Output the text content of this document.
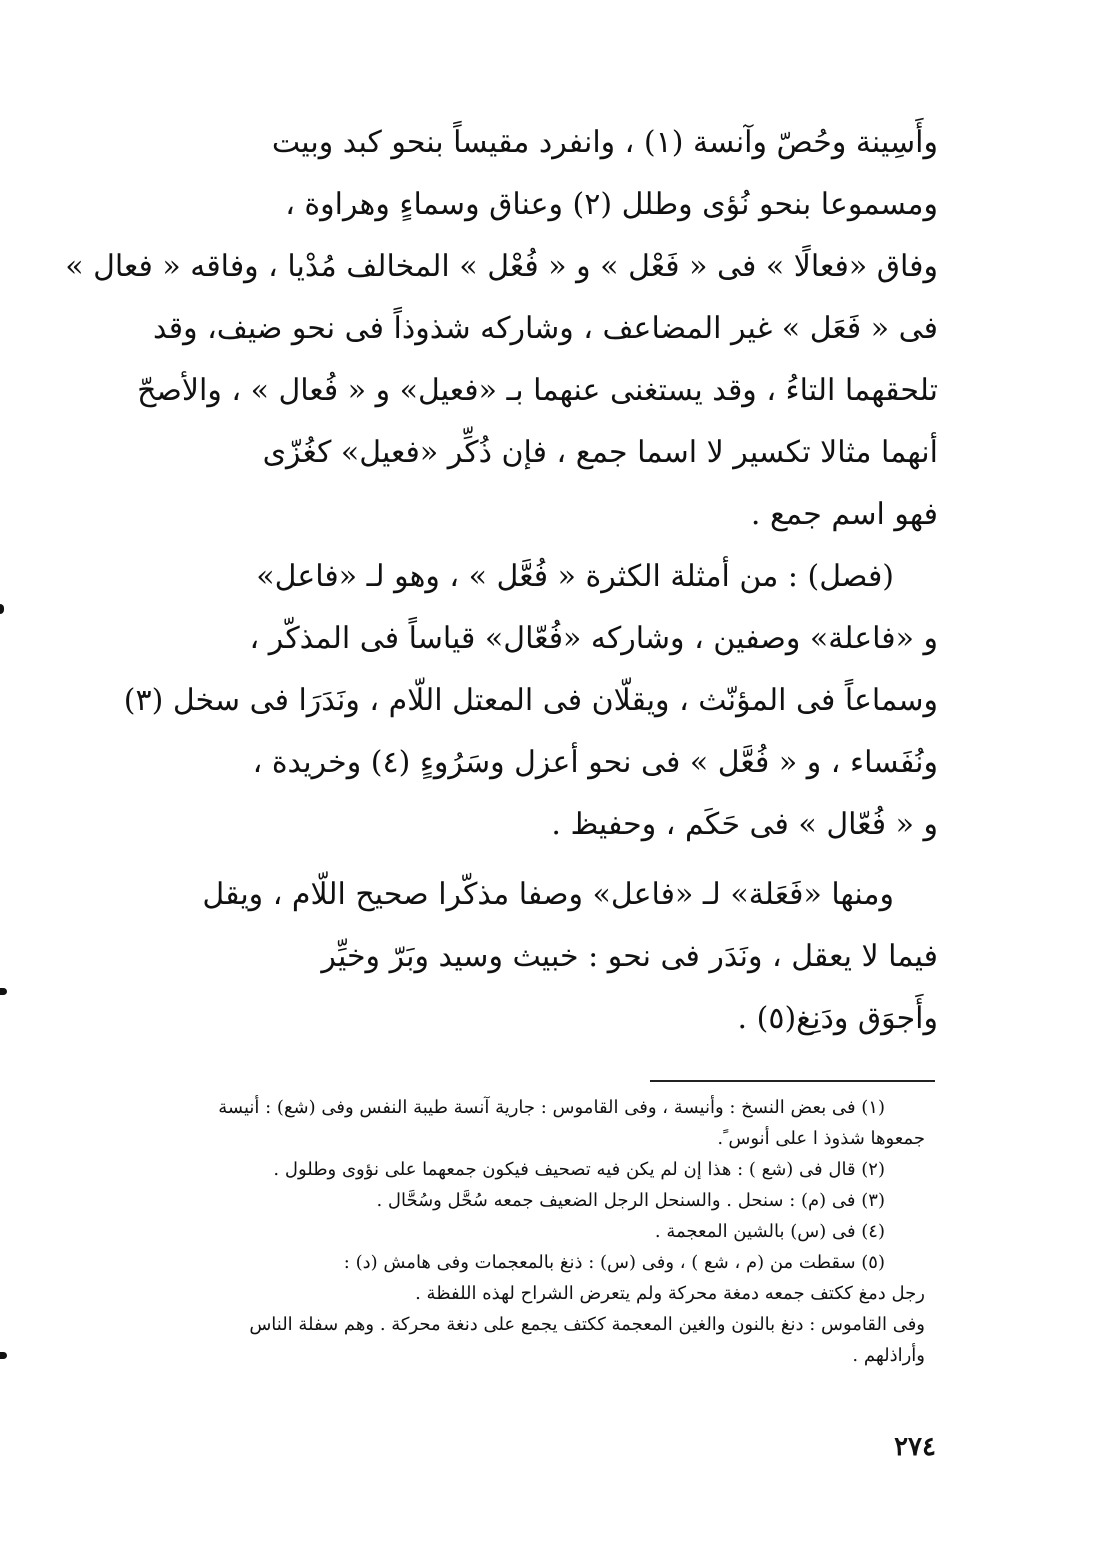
وأَسِينة وحُصّ وآنسة (١) ، وانفرد مقيساً بنحو كبد وبيت
ومسموعا بنحو نُؤى وطلل (٢) وعناق وسماءٍ وهراوة ،
وفاق «فعالًا » فى « فَعْل » و « فُعْل » المخالف مُدْيا ، وفاقه « فعال »
فى « فَعَل » غير المضاعف ، وشاركه شذوذاً فى نحو ضيف، وقد
تلحقهما التاءُ ، وقد يستغنى عنهما بـ «فعيل» و « فُعال » ، والأصحّ
أنهما مثالا تكسير لا اسما جمع ، فإن ذُكِّر «فعيل» كغُزّى
فهو اسم جمع .
(فصل) : من أمثلة الكثرة « فُعَّل » ، وهو لـ «فاعل»
و «فاعلة» وصفين ، وشاركه «فُعّال» قياساً فى المذكّر ،
وسماعاً فى المؤنّث ، ويقلّان فى المعتل اللّام ، ونَدَرَا فى سخل (٣)
ونُفَساء ، و « فُعَّل » فى نحو أعزل وسَرُوءٍ (٤) وخريدة ،
و « فُعّال » فى حَكَم ، وحفيظ .
ومنها «فَعَلة» لـ «فاعل» وصفا مذكّرا صحيح اللّام ، ويقل
فيما لا يعقل ، ونَدَر فى نحو : خبيث وسيد وبَرّ وخيِّر
وأَجوَق ودَنِغ(٥) .
(١) فى بعض النسخ : وأنيسة ، وفى القاموس : جارية آنسة طيبة النفس وفى (شع) : أنيسة
جمعوها شذوذ ا على أنوس ً.
(٢) قال فى (شع ) : هذا إن لم يكن فيه تصحيف فيكون جمعهما على نؤوى وطلول .
(٣) فى (م) : سنحل . والسنحل الرجل الضعيف جمعه سُحَّل وسُحَّال .
(٤) فى (س) بالشين المعجمة .
(٥) سقطت من (م ، شع ) ، وفى (س) : ذنغ بالمعجمات وفى هامش (د) :
رجل دمغ ككتف جمعه دمغة محركة ولم يتعرض الشراح لهذه اللفظة .
وفى القاموس : دنغ بالنون والغين المعجمة ككتف يجمع على دنغة محركة . وهم سفلة الناس
وأراذلهم .
٢٧٤
